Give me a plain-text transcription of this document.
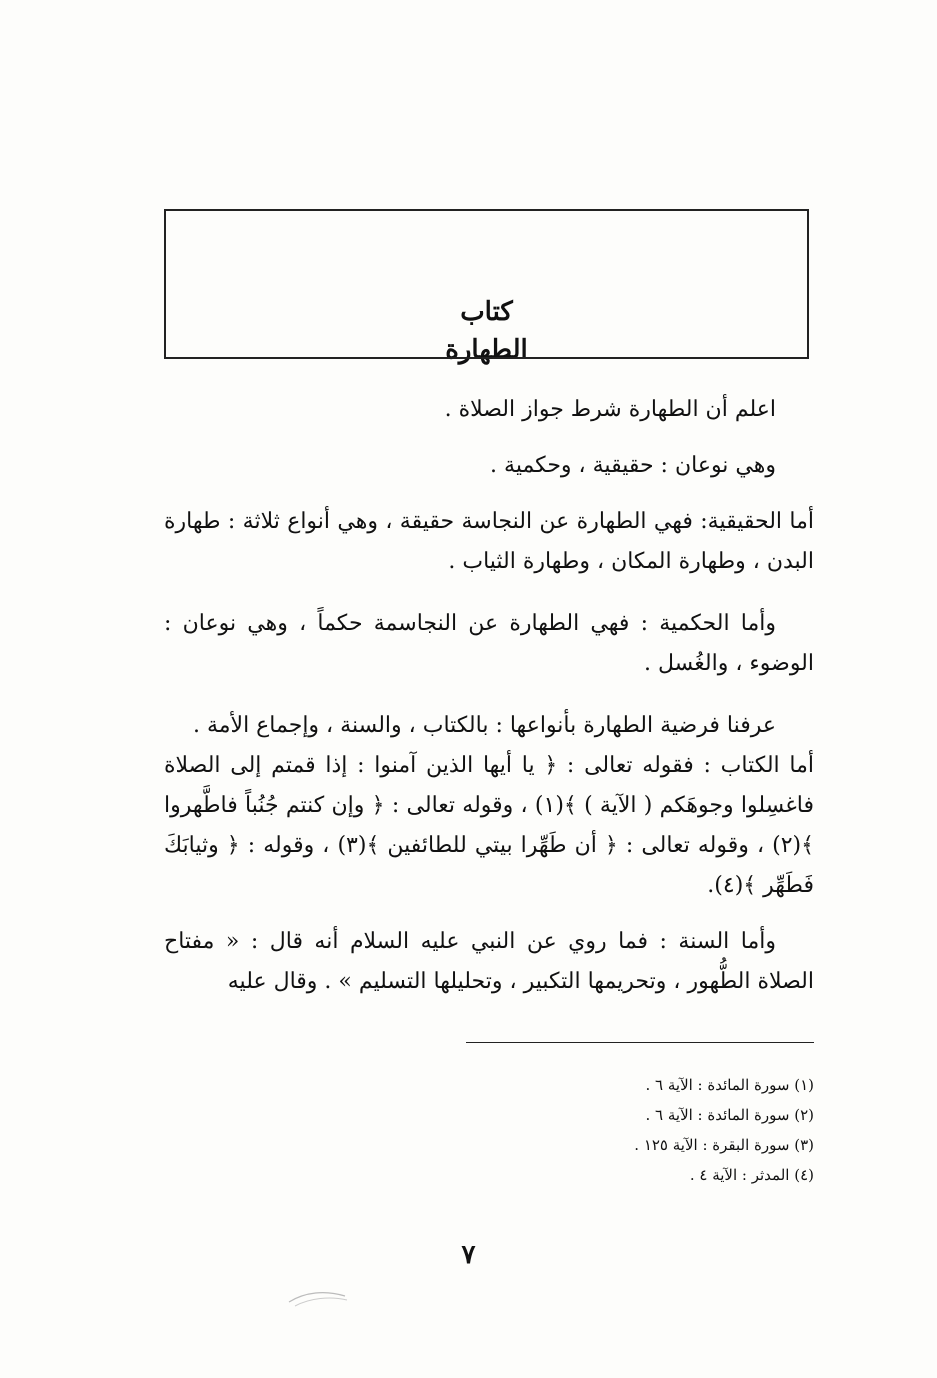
كتاب
الطهارة

اعلم أن الطهارة شرط جواز الصلاة .

وهي نوعان : حقيقية ، وحكمية .

أما الحقيقية: فهي الطهارة عن النجاسة حقيقة ، وهي أنواع ثلاثة : طهارة البدن ، وطهارة المكان ، وطهارة الثياب .

وأما الحكمية : فهي الطهارة عن النجاسمة حكماً ، وهي نوعان : الوضوء ، والغُسل .

عرفنا فرضية الطهارة بأنواعها : بالكتاب ، والسنة ، وإجماع الأمة .

أما الكتاب : فقوله تعالى : ﴿ يا أيها الذين آمنوا : إذا قمتم إلى الصلاة فاغسِلوا وجوهَكم ( الآية ) ﴾(١) ، وقوله تعالى : ﴿ وإن كنتم جُنُباً فاطَّهروا ﴾(٢) ، وقوله تعالى : ﴿ أن طَهِّرا بيتي للطائفين ﴾(٣) ، وقوله : ﴿ وثيابَكَ فَطَهِّر ﴾(٤).

وأما السنة : فما روي عن النبي عليه السلام أنه قال : « مفتاح الصلاة الطُّهور ، وتحريمها التكبير ، وتحليلها التسليم » . وقال عليه

(١) سورة المائدة : الآية ٦ .

(٢) سورة المائدة : الآية ٦ .

(٣) سورة البقرة : الآية ١٢٥ .

(٤) المدثر : الآية ٤ .

٧
